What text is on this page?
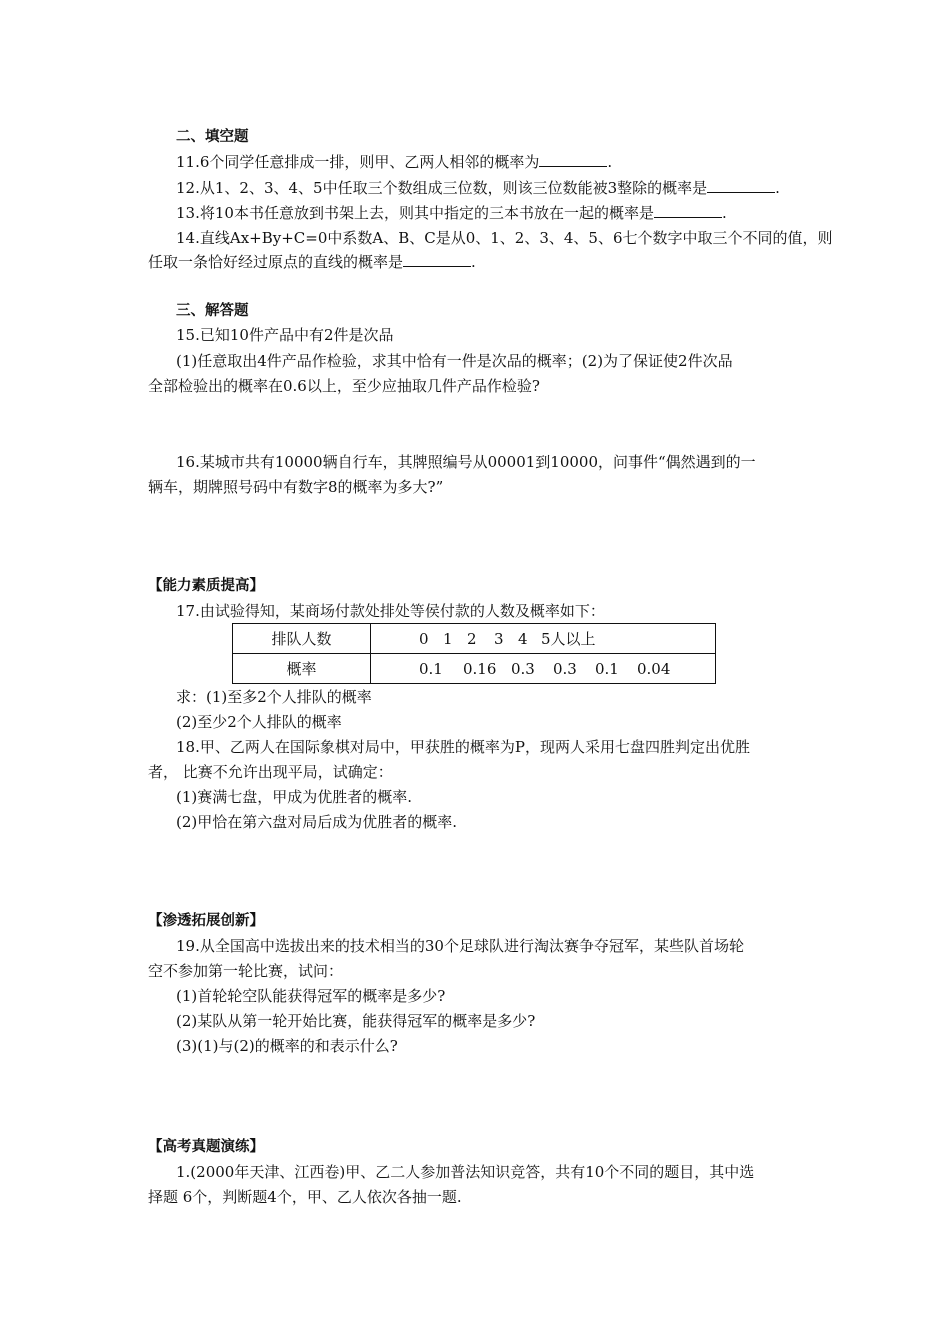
二、填空题
11.6个同学任意排成一排，则甲、乙两人相邻的概率为	.
12.从1、2、3、4、5中任取三个数组成三位数，则该三位数能被3整除的概率是	.
13.将10本书任意放到书架上去，则其中指定的三本书放在一起的概率是	.
14.直线Ax+By+C=0中系数A、B、C是从0、1、2、3、4、5、6七个数字中取三个不同的值，则
任取一条恰好经过原点的直线的概率是	.
三、解答题
15.已知10件产品中有2件是次品
(1)任意取出4件产品作检验，求其中恰有一件是次品的概率；(2)为了保证使2件次品
全部检验出的概率在0.6以上，至少应抽取几件产品作检验?
16.某城市共有10000辆自行车，其牌照编号从00001到10000，问事件“偶然遇到的一
辆车，期牌照号码中有数字8的概率为多大?”
【能力素质提高】
17.由试验得知，某商场付款处排处等侯付款的人数及概率如下：
排队人数	0 1 2 3 4 5人以上
概率	0.1 0.16 0.3 0.3 0.1 0.04
求：(1)至多2个人排队的概率
(2)至少2个人排队的概率
18.甲、乙两人在国际象棋对局中，甲获胜的概率为P，现两人采用七盘四胜判定出优胜
者， 比赛不允许出现平局，试确定：
(1)赛满七盘，甲成为优胜者的概率.
(2)甲恰在第六盘对局后成为优胜者的概率.
【渗透拓展创新】
19.从全国高中选拔出来的技术相当的30个足球队进行淘汰赛争夺冠军，某些队首场轮
空不参加第一轮比赛，试问：
(1)首轮轮空队能获得冠军的概率是多少?
(2)某队从第一轮开始比赛，能获得冠军的概率是多少?
(3)(1)与(2)的概率的和表示什么?
【高考真题演练】
1.(2000年天津、江西卷)甲、乙二人参加普法知识竞答，共有10个不同的题目，其中选
择题 6个，判断题4个，甲、乙人依次各抽一题.
